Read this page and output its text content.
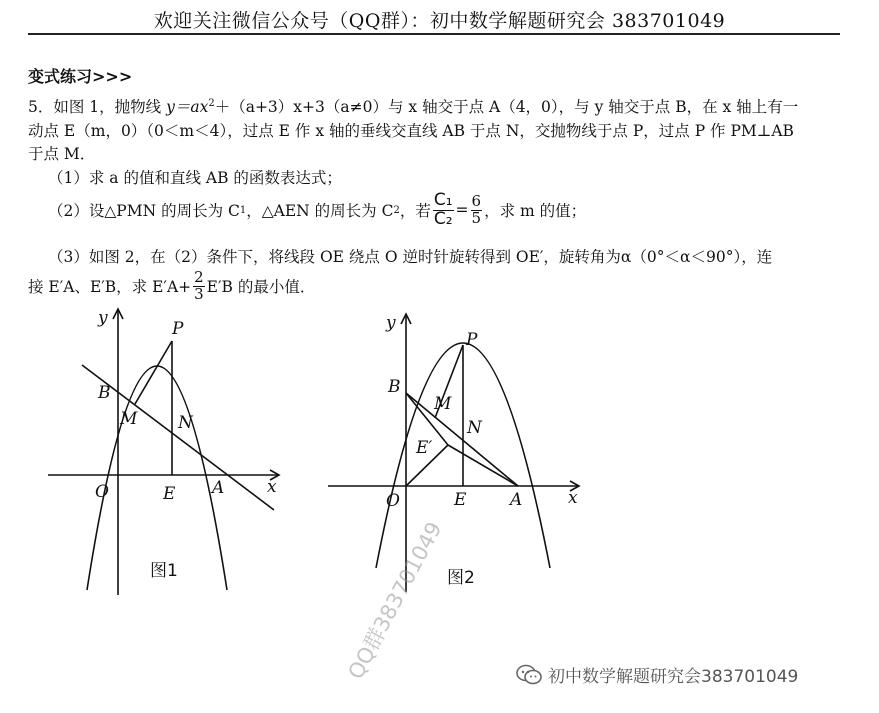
欢迎关注微信公众号（QQ群）：初中数学解题研究会 383701049
变式练习>>>
5．如图 1，抛物线 $y=ax^2+(a+3)x+3(a\ne 0)$与 x 轴交于点 A（4，0），与 y 轴交于点 B，在 x 轴上有一
动点 E（m，0）（0＜m＜4），过点 E 作 x 轴的垂线交直线 AB 于点 N，交抛物线于点 P，过点 P 作 PM⊥AB
于点 M．
（1）求 a 的值和直线 AB 的函数表达式；
（2）设△PMN 的周长为 C 1 ，△AEN 的周长为 C 2 ，若 $\frac{\text{C₁}}{\text{C₂}} = \frac{6}{5}$ ，求 m 的值；
（3）如图 2，在（2）条件下，将线段 OE 绕点 O 逆时针旋转得到 OE′，旋转角为α（0°＜α＜90°），连
接 E′A、E′B，求 $E'A+ \frac{2}{3} E'B$ 的最小值．
y
x
P
B
M N
O	E A
图1
y
x
P
B
M
N
E′
O	E	A
图2
QQ群383701049	初中数学解题研究会383701049
